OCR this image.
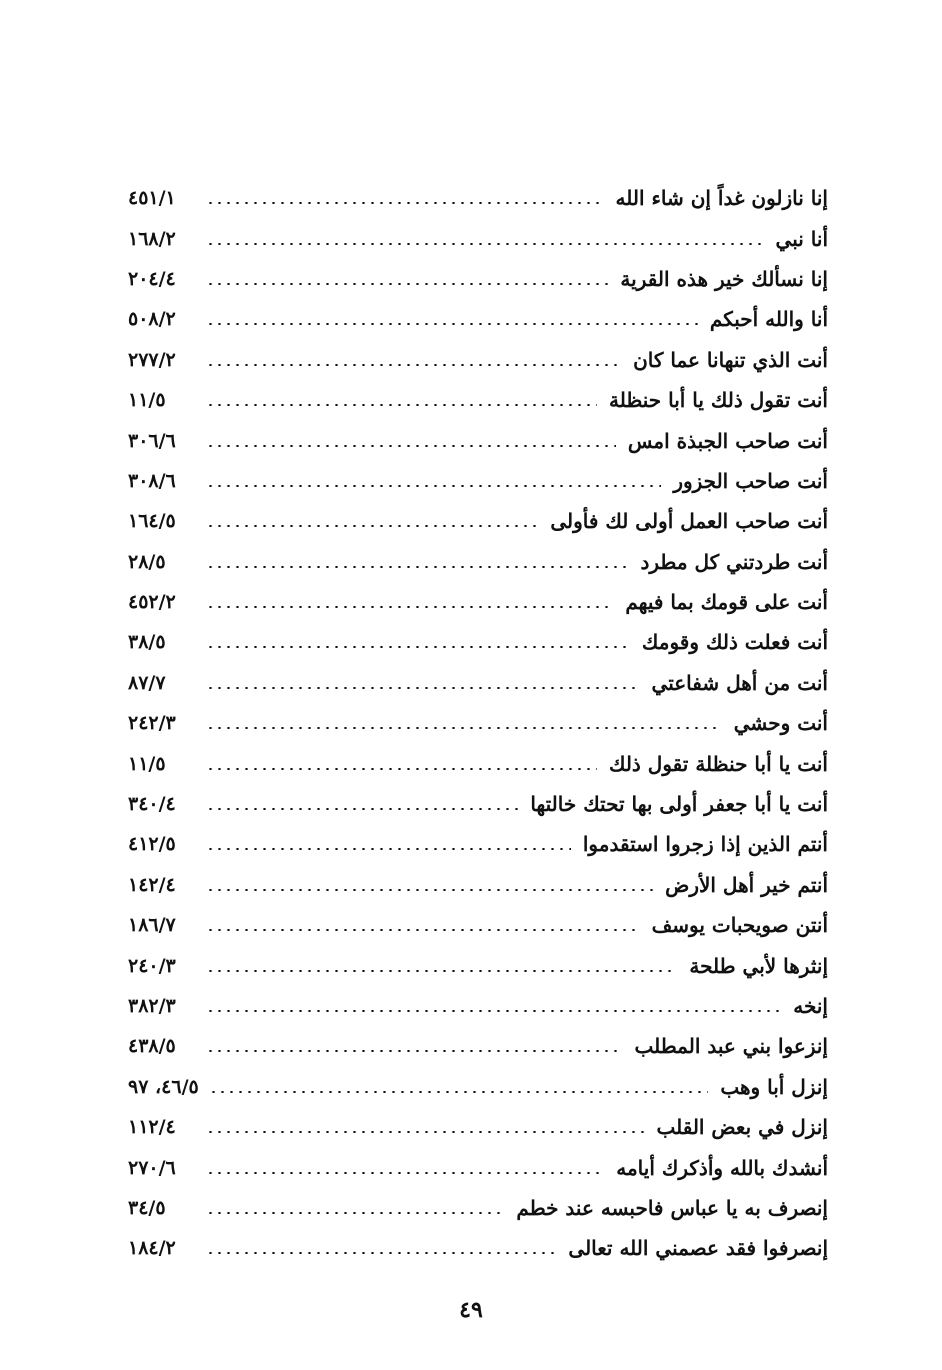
إنا نازلون غداً إن شاء الله
٤٥١/١
أنا نبي
١٦٨/٢
إنا نسألك خير هذه القرية
٢٠٤/٤
أنا والله أحبكم
٥٠٨/٢
أنت الذي تنهانا عما كان
٢٧٧/٢
أنت تقول ذلك يا أبا حنظلة
١١/٥
أنت صاحب الجبذة امس
٣٠٦/٦
أنت صاحب الجزور
٣٠٨/٦
أنت صاحب العمل أولى لك فأولى
١٦٤/٥
أنت طردتني كل مطرد
٢٨/٥
أنت على قومك بما فيهم
٤٥٢/٢
أنت فعلت ذلك وقومك
٣٨/٥
أنت من أهل شفاعتي
٨٧/٧
أنت وحشي
٢٤٢/٣
أنت يا أبا حنظلة تقول ذلك
١١/٥
أنت يا أبا جعفر أولى بها تحتك خالتها
٣٤٠/٤
أنتم الذين إذا زجروا استقدموا
٤١٢/٥
أنتم خير أهل الأرض
١٤٢/٤
أنتن صويحبات يوسف
١٨٦/٧
إنثرها لأبي طلحة
٢٤٠/٣
إنخه
٣٨٢/٣
إنزعوا بني عبد المطلب
٤٣٨/٥
إنزل أبا وهب
٤٦/٥، ٩٧
إنزل في بعض القلب
١١٢/٤
أنشدك بالله وأذكرك أيامه
٢٧٠/٦
إنصرف به يا عباس فاحبسه عند خطم
٣٤/٥
إنصرفوا فقد عصمني الله تعالى
١٨٤/٢
٤٩
